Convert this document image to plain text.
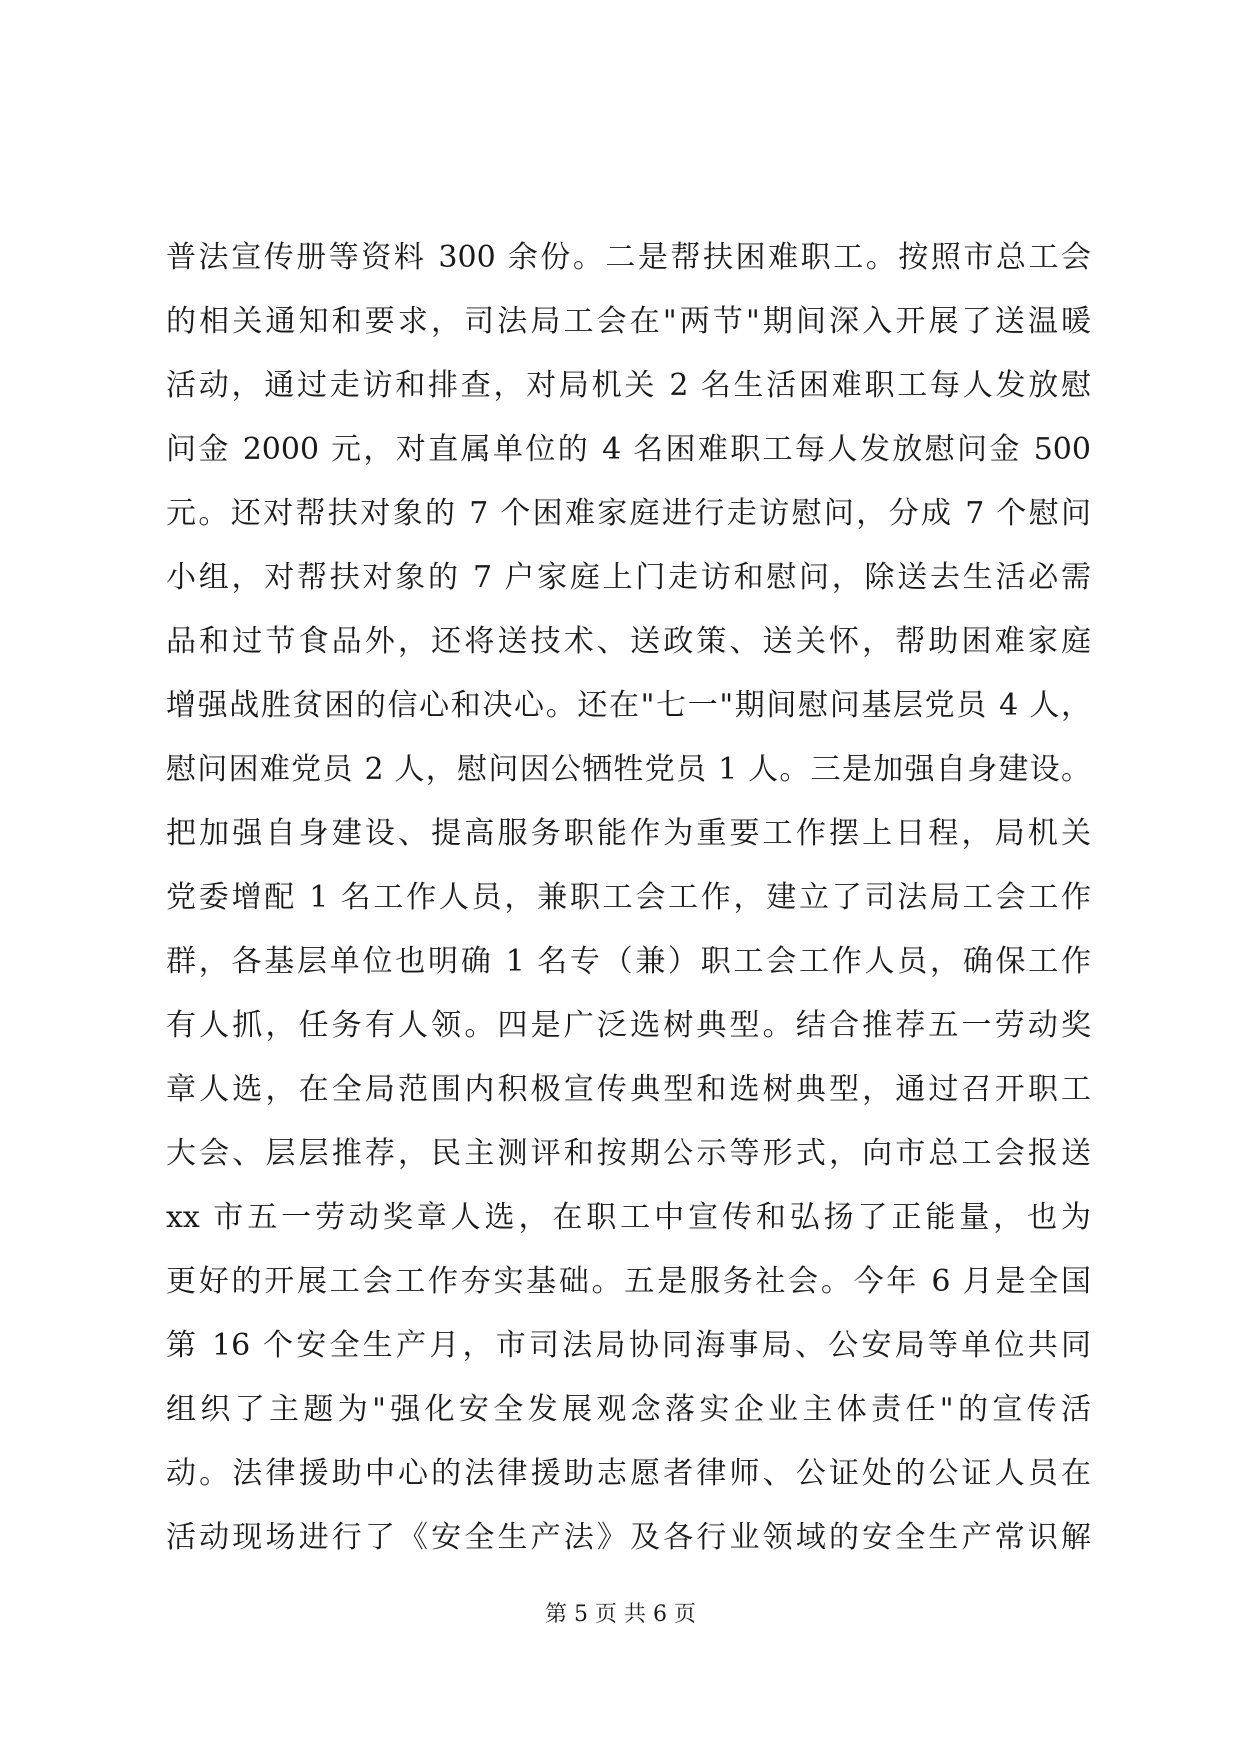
普法宣传册等资料 300 余份。二是帮扶困难职工。按照市总工会
的相关通知和要求，司法局工会在"两节"期间深入开展了送温暖
活动，通过走访和排查，对局机关 2 名生活困难职工每人发放慰
问金 2000 元，对直属单位的 4 名困难职工每人发放慰问金 500
元。还对帮扶对象的 7 个困难家庭进行走访慰问，分成 7 个慰问
小组，对帮扶对象的 7 户家庭上门走访和慰问，除送去生活必需
品和过节食品外，还将送技术、送政策、送关怀，帮助困难家庭
增强战胜贫困的信心和决心。还在"七一"期间慰问基层党员 4 人，
慰问困难党员 2 人，慰问因公牺牲党员 1 人。三是加强自身建设。
把加强自身建设、提高服务职能作为重要工作摆上日程，局机关
党委增配 1 名工作人员，兼职工会工作，建立了司法局工会工作
群，各基层单位也明确 1 名专（兼）职工会工作人员，确保工作
有人抓，任务有人领。四是广泛选树典型。结合推荐五一劳动奖
章人选，在全局范围内积极宣传典型和选树典型，通过召开职工
大会、层层推荐，民主测评和按期公示等形式，向市总工会报送
xx 市五一劳动奖章人选，在职工中宣传和弘扬了正能量，也为
更好的开展工会工作夯实基础。五是服务社会。今年 6 月是全国
第 16 个安全生产月，市司法局协同海事局、公安局等单位共同
组织了主题为"强化安全发展观念落实企业主体责任"的宣传活
动。法律援助中心的法律援助志愿者律师、公证处的公证人员在
活动现场进行了《安全生产法》及各行业领域的安全生产常识解
第 5 页 共 6 页
